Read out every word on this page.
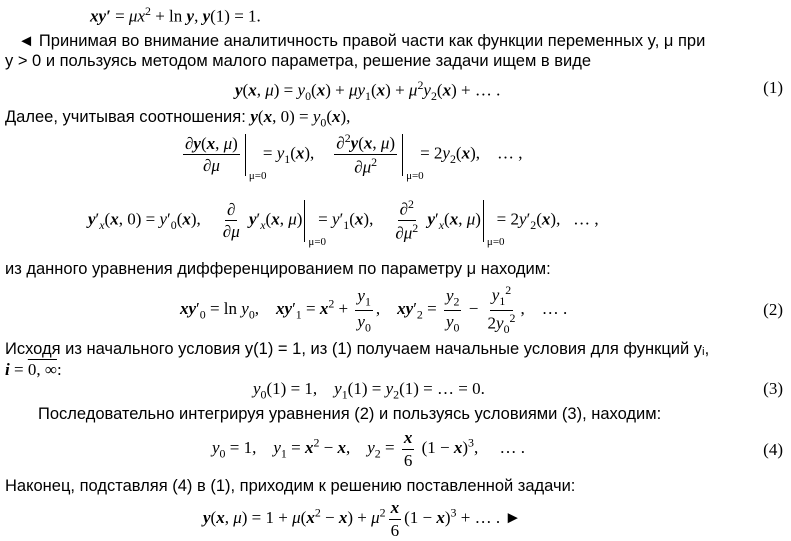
$xy' = \mu x^2 + \ln y$, y(1) = 1.
◄ Принимая во внимание аналитичность правой части как функции переменных y, μ при
y > 0 и пользуясь методом малого параметра, решение задачи ищем в виде
y(x, $\mu) = y_0(x) + \mu y_1(x) + \mu^2y_2(x)$ + … .	(1)
Далее, учитывая соотношения: y(x, $0) = y_0(x)$,
$\frac{\partial y(x, \mu)}{\partial\mu} \mu=0$
= $y_1(x)$, $\frac{\partial^2y(x, \mu)}{\partial\mu^2} \mu=0$
= $2y_2(x)$,    … ,
$y'_x(x$, $0) = y'_0(x)$, $\frac{\partial}{\partial\mu} y'_x(x$, μ)
μ=0
= $y'_1(x)$, $\frac{\partial^2}{\partial\mu^2} y'_x(x$, μ)
μ=0
= $2y'_2(x)$,   … ,
из данного уравнения дифференцированием по параметру μ находим:
$xy'_0 = \ln y_0$,    $xy'_1 = x^2 + \frac{y_1}{y_0}$ ,    $xy'_2 = \frac{y_2}{y_0} - \frac{y_1^2}{2y_0^2}$ ,    … .	(2)
Исходя из начального условия y(1) = 1, из (1) получаем начальные условия для функций yᵢ,
i = 0, ∞:
$y_0(1) = 1$,    $y_1(1) = y_2(1)$ = … = 0.	(3)
Последовательно интегрируя уравнения (2) и пользуясь условиями (3), находим:
$y_0 = 1$,    $y_1 = x^2 - x$,    $y_2 = \frac{x}{6} (1 - x)^3$,     … .	(4)
Наконец, подставляя (4) в (1), приходим к решению поставленной задачи:
y(x, $\mu) = 1 + \mu(x^2 - x) + \mu^2 \frac{x}{6} (1 - x)^3$ + … . ►
